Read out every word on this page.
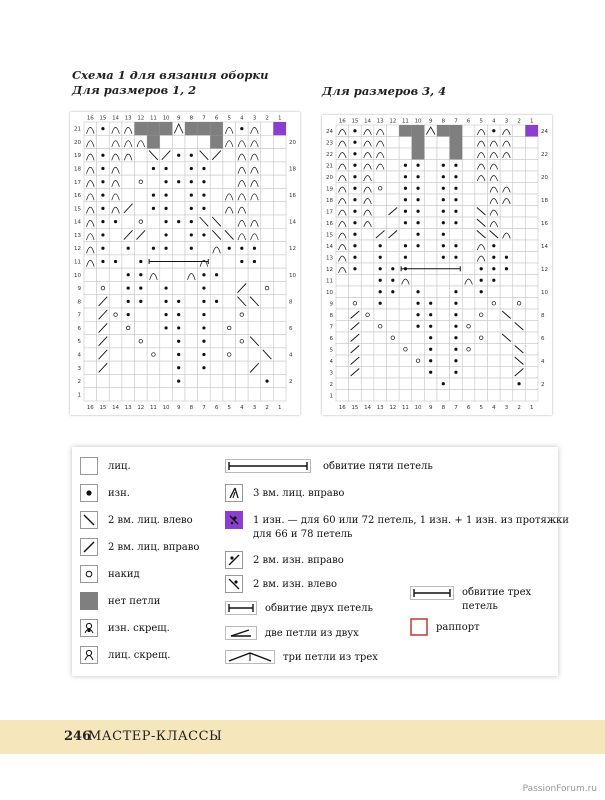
Схема 1 для вязания оборки
Для размеров 1, 2	Для размеров 3, 4
16
16
15
15
14
14
13
13
12
12
11
11
10
10
9
9
8
8
7
7
6
6
5
5
4
4
3
3
2
2
1
1
21
20
19
18
17
16
15
14
13
12
11
10
9
8
7
6
5
4
3
2
1
20
18
16
14
12
10
8
6
4
2
16
16
15
15
14
14
13
13
12
12
11
11
10
10
9
9
8
8
7
7
6
6
5
5
4
4
3
3
2
2
1
1
24
23
22
21
20
19
18
17
16
15
14
13
12
11
10
9
8
7
6
5
4
3
2
1
24
22
20
18
16
14
12
10
8
6
4
2
лиц.
изн.
2 вм. лиц. влево
2 вм. лиц. вправо
накид
нет петли
изн. скрещ.
лиц. скрещ.
обвитие пяти петель
3 вм. лиц. вправо
1 изн. — для 60 или 72 петель, 1 изн. + 1 изн. из протяжки
для 66 и 78 петель
2 вм. изн. вправо
2 вм. изн. влево
обвитие двух петель
две петли из двух
три петли из трех
обвитие трех
петель
раппорт
246
МАСТЕР-КЛАССЫ
PassionForum.ru
